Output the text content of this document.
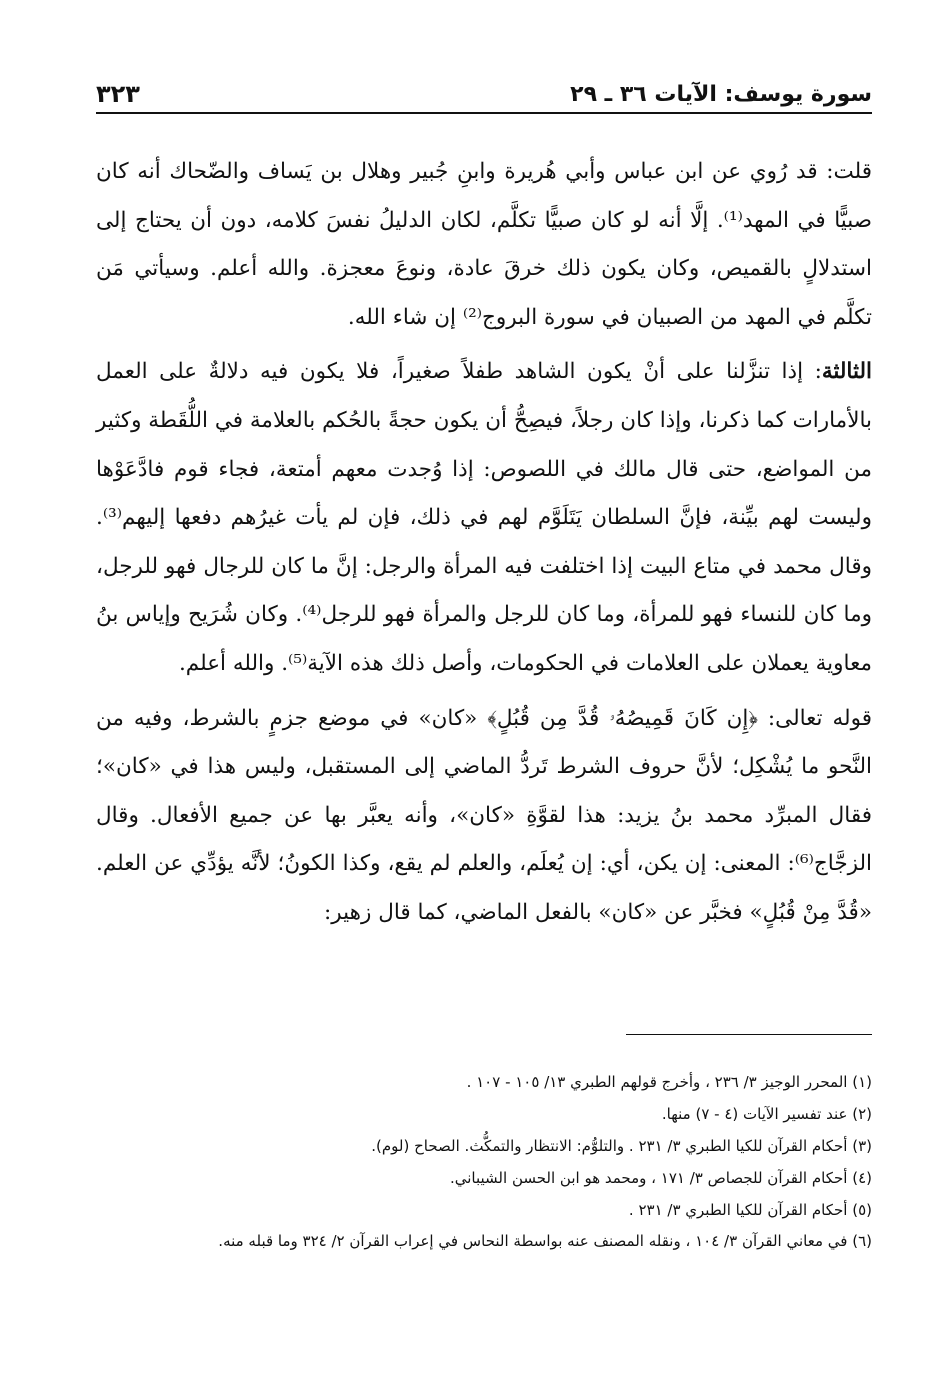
سورة يوسف: الآيات ٣٦ ـ ٢٩
٣٢٣

قلت: قد رُوي عن ابن عباس وأبي هُريرة وابنِ جُبير وهلال بن يَساف والضّحاك أنه كان صبيًّا في المهد⁽¹⁾. إلَّا أنه لو كان صبيًّا تكلَّم، لكان الدليلُ نفسَ كلامه، دون أن يحتاج إلى استدلالٍ بالقميص، وكان يكون ذلك خرقَ عادة، ونوعَ معجزة. والله أعلم. وسيأتي مَن تكلَّم في المهد من الصبيان في سورة البروج⁽²⁾ إن شاء الله.

الثالثة: إذا تنزَّلنا على أنْ يكون الشاهد طفلاً صغيراً، فلا يكون فيه دلالةٌ على العمل بالأمارات كما ذكرنا، وإذا كان رجلاً، فيصِحُّ أن يكون حجةً بالحُكم بالعلامة في اللُّقَطة وكثير من المواضع، حتى قال مالك في اللصوص: إذا وُجدت معهم أمتعة، فجاء قوم فادَّعَوْها وليست لهم بيِّنة، فإنَّ السلطان يَتَلَوَّم لهم في ذلك، فإن لم يأت غيرُهم دفعها إليهم⁽³⁾. وقال محمد في متاع البيت إذا اختلفت فيه المرأة والرجل: إنَّ ما كان للرجال فهو للرجل، وما كان للنساء فهو للمرأة، وما كان للرجل والمرأة فهو للرجل⁽⁴⁾. وكان شُرَيح وإياس بنُ معاوية يعملان على العلامات في الحكومات، وأصل ذلك هذه الآية⁽⁵⁾. والله أعلم.

قوله تعالى: ﴿إِن كَانَ قَمِيصُهُۥ قُدَّ مِن قُبُلٍ﴾ «كان» في موضع جزمٍ بالشرط، وفيه من النَّحو ما يُشْكِل؛ لأنَّ حروف الشرط تَردُّ الماضي إلى المستقبل، وليس هذا في «كان»؛ فقال المبرِّد محمد بنُ يزيد: هذا لقوَّةِ «كان»، وأنه يعبَّر بها عن جميع الأفعال. وقال الزجَّاج⁽⁶⁾: المعنى: إن يكن، أي: إن يُعلَم، والعلم لم يقع، وكذا الكونُ؛ لأنَّه يؤدِّي عن العلم. «قُدَّ مِنْ قُبُلٍ» فخبَّر عن «كان» بالفعل الماضي، كما قال زهير:

(١) المحرر الوجيز ٣/ ٢٣٦ ، وأخرج قولهم الطبري ١٣/ ١٠٥ - ١٠٧ .

(٢) عند تفسير الآيات (٤ - ٧) منها.

(٣) أحكام القرآن للكيا الطبري ٣/ ٢٣١ . والتلوُّم: الانتظار والتمكُّث. الصحاح (لوم).

(٤) أحكام القرآن للجصاص ٣/ ١٧١ ، ومحمد هو ابن الحسن الشيباني.

(٥) أحكام القرآن للكيا الطبري ٣/ ٢٣١ .

(٦) في معاني القرآن ٣/ ١٠٤ ، ونقله المصنف عنه بواسطة النحاس في إعراب القرآن ٢/ ٣٢٤ وما قبله منه.
